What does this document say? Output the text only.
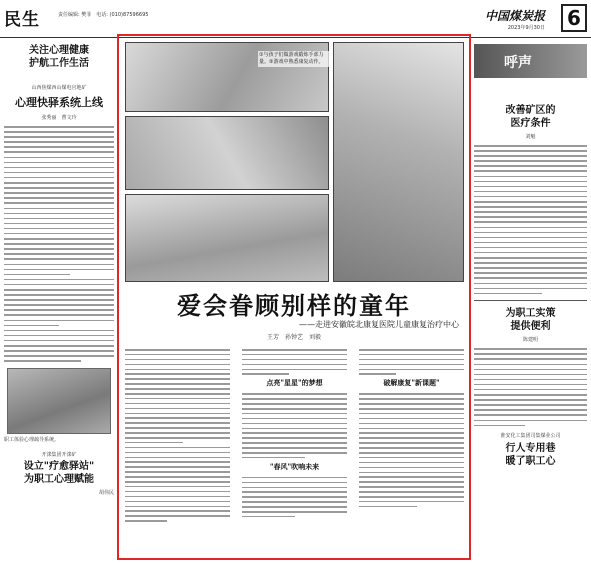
民生	责任编辑: 樊菲　电话: (010)87596695	中国煤炭报
2023年9月30日	6
关注心理健康
护航工作生活
山西焦煤西山煤电官地矿
心理快驿系统上线
张秀丽　曹文玲
职工体验心理疏导系统。
开滦集团开滦矿
设立"疗愈驿站"
为职工心理赋能
胡伟民
①与孩子们做游戏锻炼手部力量。②游戏中熟悉康复动作。
爱会眷顾别样的童年
——走进安徽皖北康复医院儿童康复治疗中心
王芳　孙钟艺　刘毅
点亮"星星"的梦想
"春风"吹响未来
破解康复"新课题"
呼声
改善矿区的
医疗条件
刘魁
为职工实策
提供便利
陈建明
淮安化工集团司集煤业公司
行人专用巷
暖了职工心
